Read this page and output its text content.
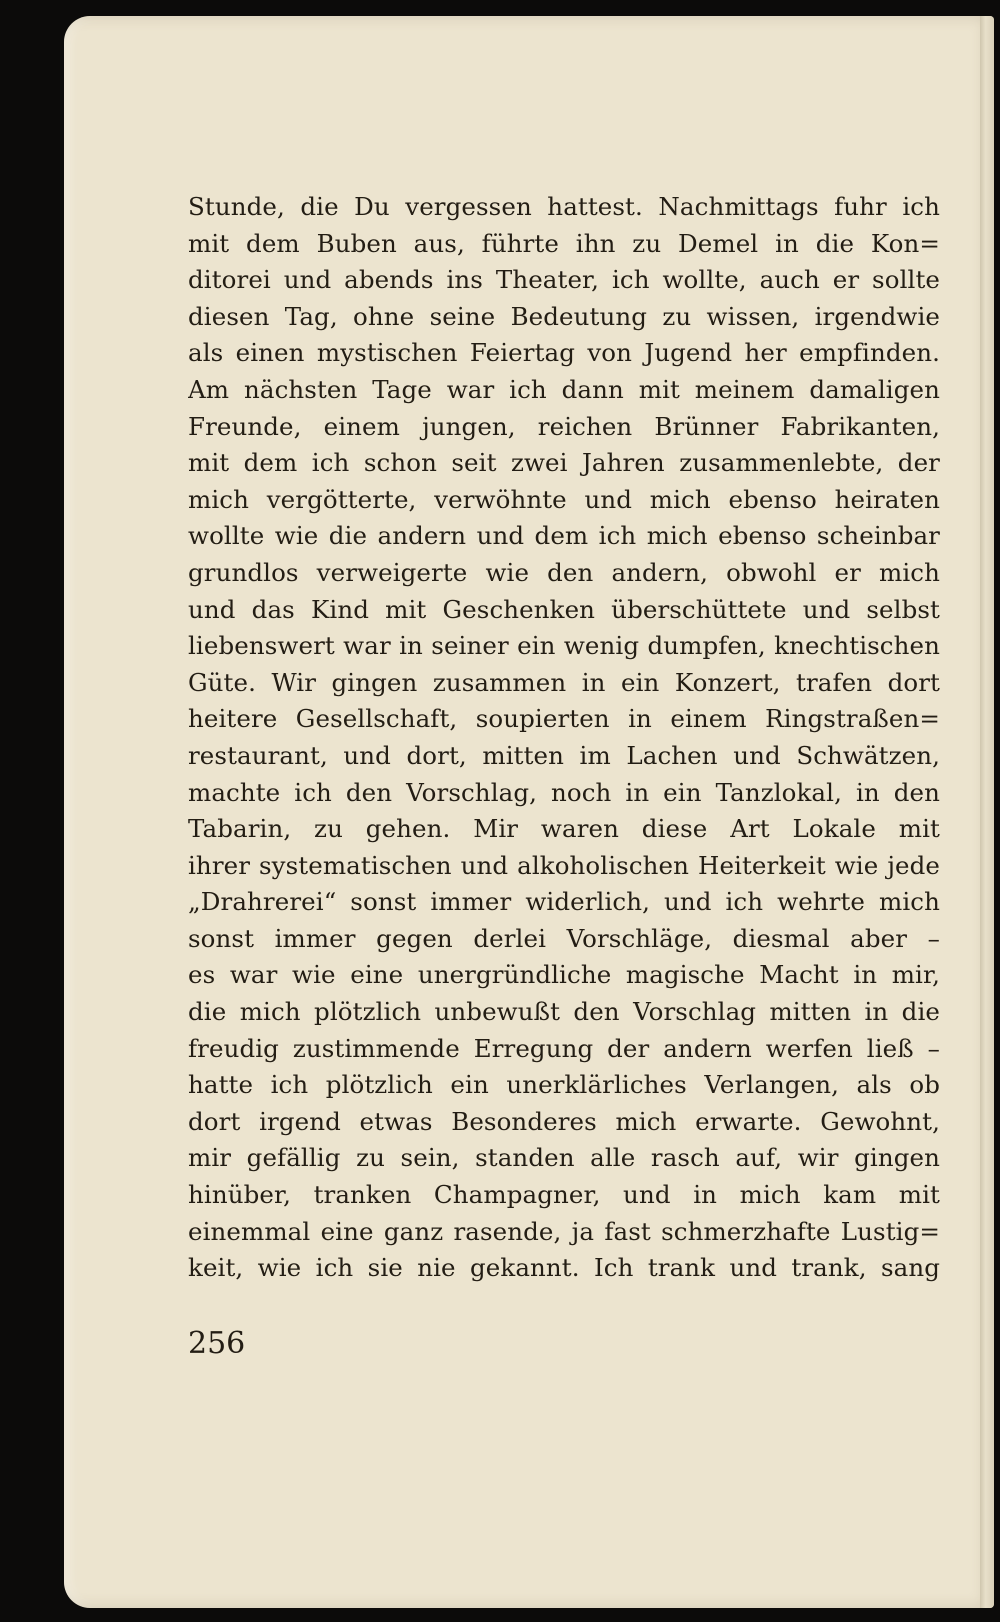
Stunde, die Du vergessen hattest. Nachmittags fuhr ich
mit dem Buben aus, führte ihn zu Demel in die Kon=
ditorei und abends ins Theater, ich wollte, auch er sollte
diesen Tag, ohne seine Bedeutung zu wissen, irgendwie
als einen mystischen Feiertag von Jugend her empfinden.
Am nächsten Tage war ich dann mit meinem damaligen
Freunde, einem jungen, reichen Brünner Fabrikanten,
mit dem ich schon seit zwei Jahren zusammenlebte, der
mich vergötterte, verwöhnte und mich ebenso heiraten
wollte wie die andern und dem ich mich ebenso scheinbar
grundlos verweigerte wie den andern, obwohl er mich
und das Kind mit Geschenken überschüttete und selbst
liebenswert war in seiner ein wenig dumpfen, knechtischen
Güte. Wir gingen zusammen in ein Konzert, trafen dort
heitere Gesellschaft, soupierten in einem Ringstraßen=
restaurant, und dort, mitten im Lachen und Schwätzen,
machte ich den Vorschlag, noch in ein Tanzlokal, in den
Tabarin, zu gehen. Mir waren diese Art Lokale mit
ihrer systematischen und alkoholischen Heiterkeit wie jede
„Drahrerei“ sonst immer widerlich, und ich wehrte mich
sonst immer gegen derlei Vorschläge, diesmal aber –
es war wie eine unergründliche magische Macht in mir,
die mich plötzlich unbewußt den Vorschlag mitten in die
freudig zustimmende Erregung der andern werfen ließ –
hatte ich plötzlich ein unerklärliches Verlangen, als ob
dort irgend etwas Besonderes mich erwarte. Gewohnt,
mir gefällig zu sein, standen alle rasch auf, wir gingen
hinüber, tranken Champagner, und in mich kam mit
einemmal eine ganz rasende, ja fast schmerzhafte Lustig=
keit, wie ich sie nie gekannt. Ich trank und trank, sang
256
